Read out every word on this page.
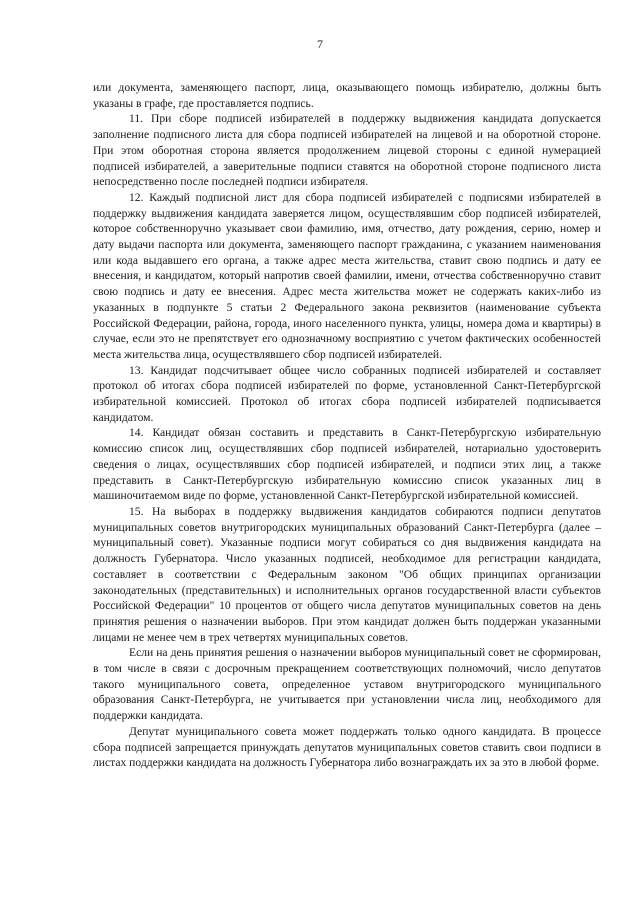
7

или документа, заменяющего паспорт, лица, оказывающего помощь избирателю, должны быть указаны в графе, где проставляется подпись.

11. При сборе подписей избирателей в поддержку выдвижения кандидата допускается заполнение подписного листа для сбора подписей избирателей на лицевой и на оборотной стороне. При этом оборотная сторона является продолжением лицевой стороны с единой нумерацией подписей избирателей, а заверительные подписи ставятся на оборотной стороне подписного листа непосредственно после последней подписи избирателя.

12. Каждый подписной лист для сбора подписей избирателей с подписями избирателей в поддержку выдвижения кандидата заверяется лицом, осуществлявшим сбор подписей избирателей, которое собственноручно указывает свои фамилию, имя, отчество, дату рождения, серию, номер и дату выдачи паспорта или документа, заменяющего паспорт гражданина, с указанием наименования или кода выдавшего его органа, а также адрес места жительства, ставит свою подпись и дату ее внесения, и кандидатом, который напротив своей фамилии, имени, отчества собственноручно ставит свою подпись и дату ее внесения. Адрес места жительства может не содержать каких-либо из указанных в подпункте 5 статьи 2 Федерального закона реквизитов (наименование субъекта Российской Федерации, района, города, иного населенного пункта, улицы, номера дома и квартиры) в случае, если это не препятствует его однозначному восприятию с учетом фактических особенностей места жительства лица, осуществлявшего сбор подписей избирателей.

13. Кандидат подсчитывает общее число собранных подписей избирателей и составляет протокол об итогах сбора подписей избирателей по форме, установленной Санкт-Петербургской избирательной комиссией. Протокол об итогах сбора подписей избирателей подписывается кандидатом.

14. Кандидат обязан составить и представить в Санкт-Петербургскую избирательную комиссию список лиц, осуществлявших сбор подписей избирателей, нотариально удостоверить сведения о лицах, осуществлявших сбор подписей избирателей, и подписи этих лиц, а также представить в Санкт-Петербургскую избирательную комиссию список указанных лиц в машиночитаемом виде по форме, установленной Санкт-Петербургской избирательной комиссией.

15. На выборах в поддержку выдвижения кандидатов собираются подписи депутатов муниципальных советов внутригородских муниципальных образований Санкт-Петербурга (далее – муниципальный совет). Указанные подписи могут собираться со дня выдвижения кандидата на должность Губернатора. Число указанных подписей, необходимое для регистрации кандидата, составляет в соответствии с Федеральным законом "Об общих принципах организации законодательных (представительных) и исполнительных органов государственной власти субъектов Российской Федерации" 10 процентов от общего числа депутатов муниципальных советов на день принятия решения о назначении выборов. При этом кандидат должен быть поддержан указанными лицами не менее чем в трех четвертях муниципальных советов.

Если на день принятия решения о назначении выборов муниципальный совет не сформирован, в том числе в связи с досрочным прекращением соответствующих полномочий, число депутатов такого муниципального совета, определенное уставом внутригородского муниципального образования Санкт-Петербурга, не учитывается при установлении числа лиц, необходимого для поддержки кандидата.

Депутат муниципального совета может поддержать только одного кандидата. В процессе сбора подписей запрещается принуждать депутатов муниципальных советов ставить свои подписи в листах поддержки кандидата на должность Губернатора либо вознаграждать их за это в любой форме.
